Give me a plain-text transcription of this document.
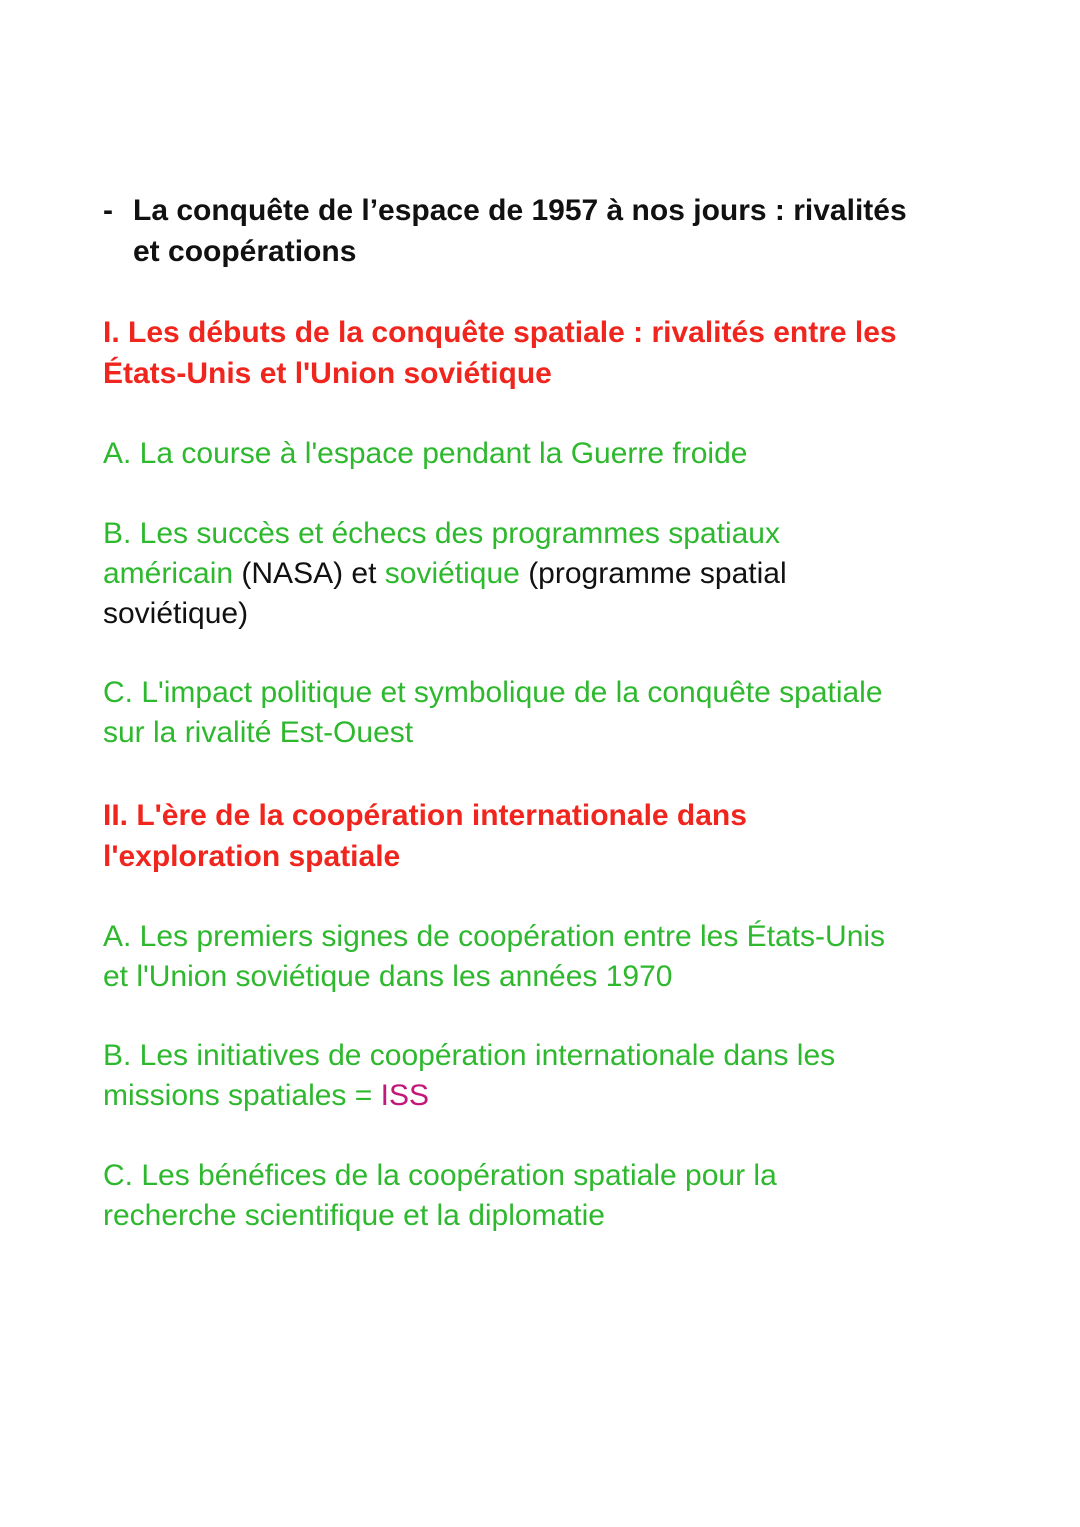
- La conquête de l’espace de 1957 à nos jours : rivalités
et coopérations
I. Les débuts de la conquête spatiale : rivalités entre les
États-Unis et l'Union soviétique
A. La course à l'espace pendant la Guerre froide
B. Les succès et échecs des programmes spatiaux
américain (NASA) et soviétique (programme spatial
soviétique)
C. L'impact politique et symbolique de la conquête spatiale
sur la rivalité Est-Ouest
II. L'ère de la coopération internationale dans
l'exploration spatiale
A. Les premiers signes de coopération entre les États-Unis
et l'Union soviétique dans les années 1970
B. Les initiatives de coopération internationale dans les
missions spatiales = ISS
C. Les bénéfices de la coopération spatiale pour la
recherche scientifique et la diplomatie
